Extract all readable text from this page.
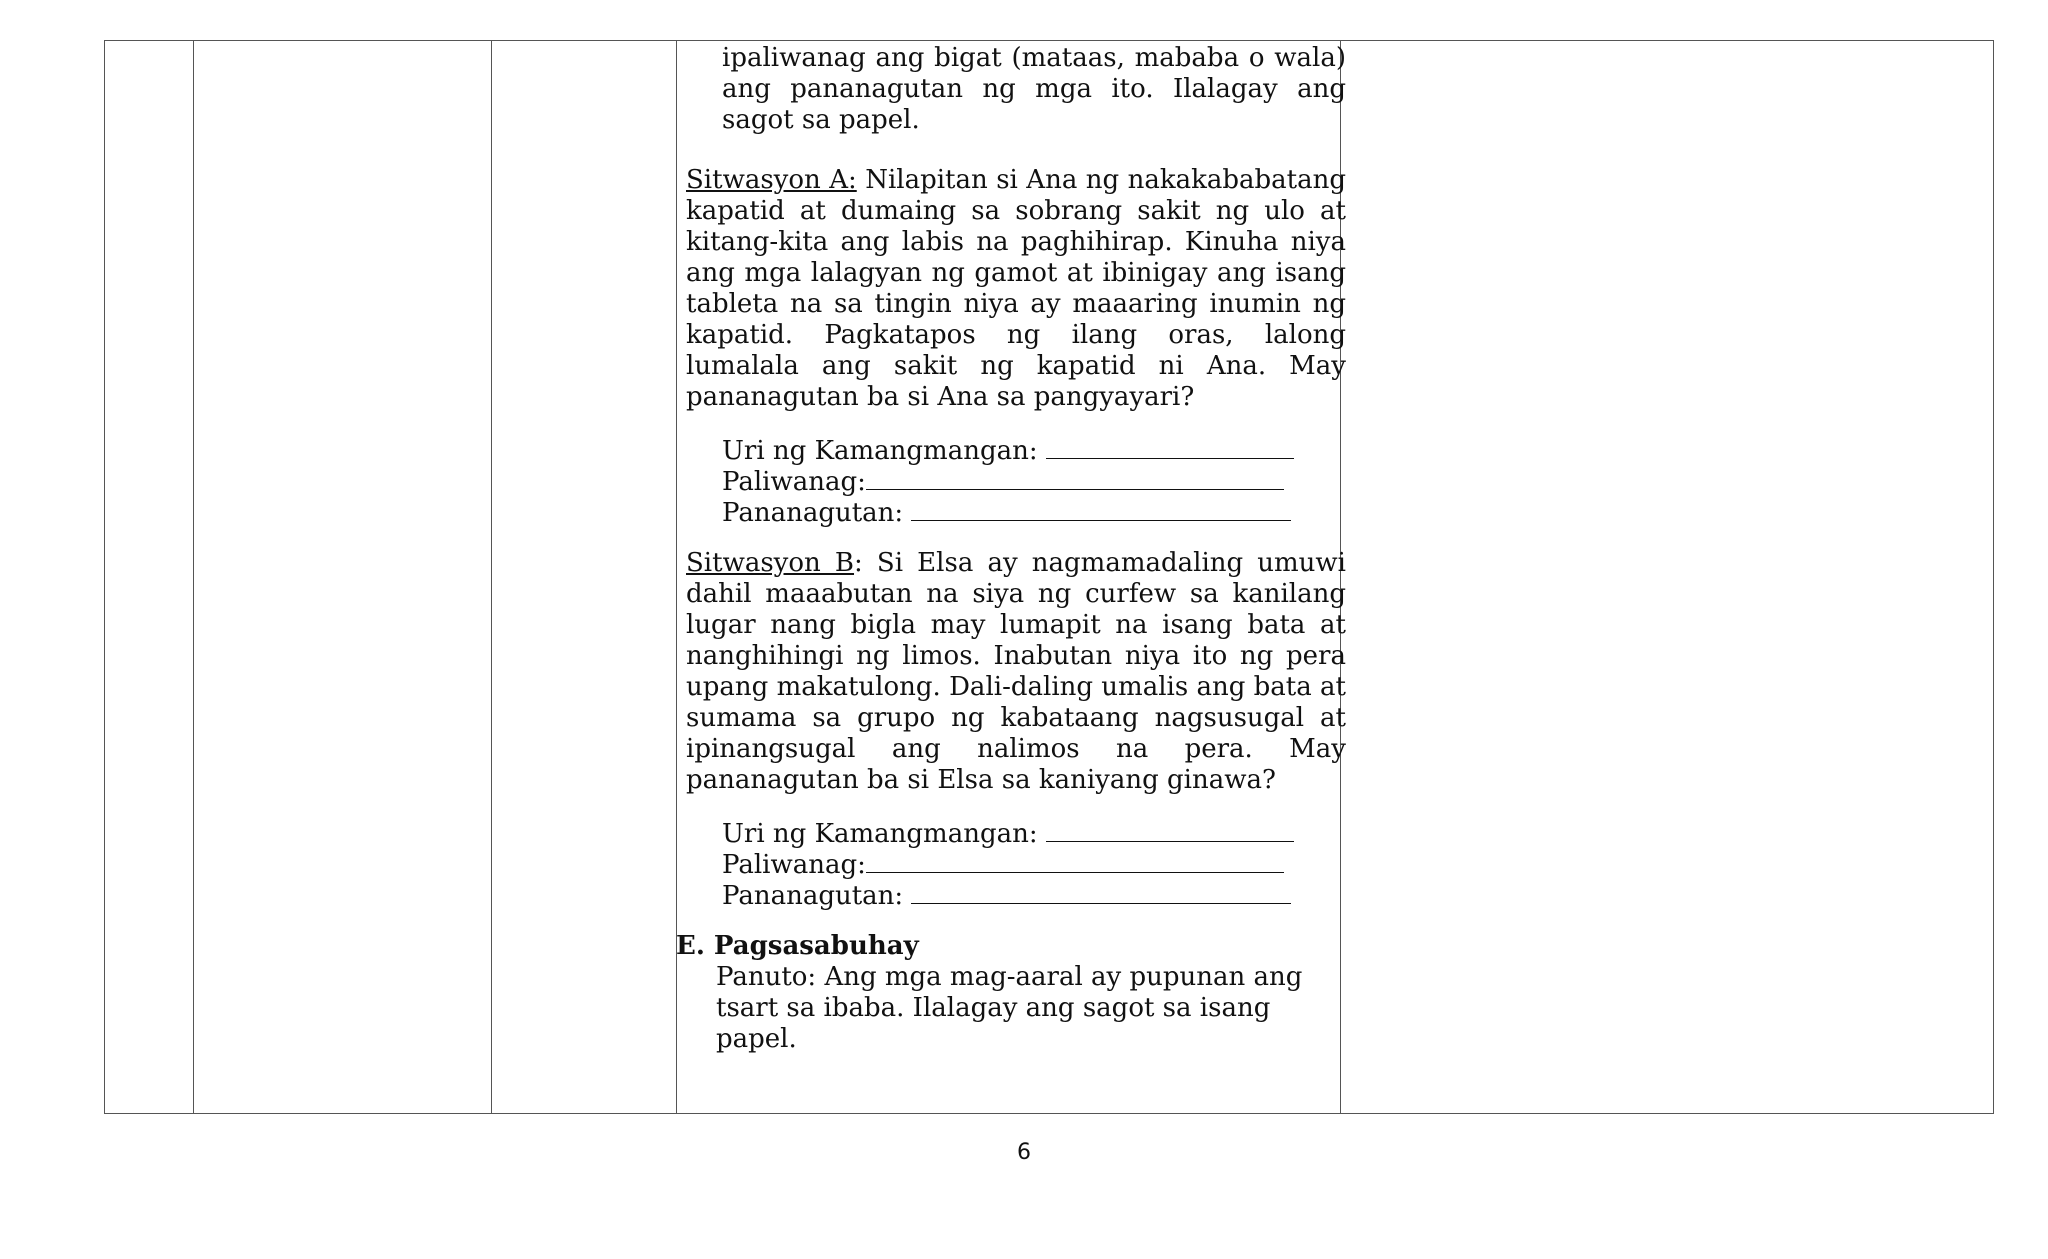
ipaliwanag ang bigat (mataas, mababa o wala) ang pananagutan ng mga ito. Ilalagay ang sagot sa papel.
Sitwasyon A: Nilapitan si Ana ng nakakababatang kapatid at dumaing sa sobrang sakit ng ulo at kitang-kita ang labis na paghihirap. Kinuha niya ang mga lalagyan ng gamot at ibinigay ang isang tableta na sa tingin niya ay maaaring inumin ng kapatid. Pagkatapos ng ilang oras, lalong lumalala ang sakit ng kapatid ni Ana. May pananagutan ba si Ana sa pangyayari?
Uri ng Kamangmangan:
Paliwanag:
Pananagutan:
Sitwasyon B: Si Elsa ay nagmamadaling umuwi dahil maaabutan na siya ng curfew sa kanilang lugar nang bigla may lumapit na isang bata at nanghihingi ng limos. Inabutan niya ito ng pera upang makatulong. Dali-daling umalis ang bata at sumama sa grupo ng kabataang nagsusugal at ipinangsugal ang nalimos na pera. May pananagutan ba si Elsa sa kaniyang ginawa?
Uri ng Kamangmangan:
Paliwanag:
Pananagutan:
E. Pagsasabuhay
Panuto: Ang mga mag-aaral ay pupunan ang tsart sa ibaba. Ilalagay ang sagot sa isang papel.
6
